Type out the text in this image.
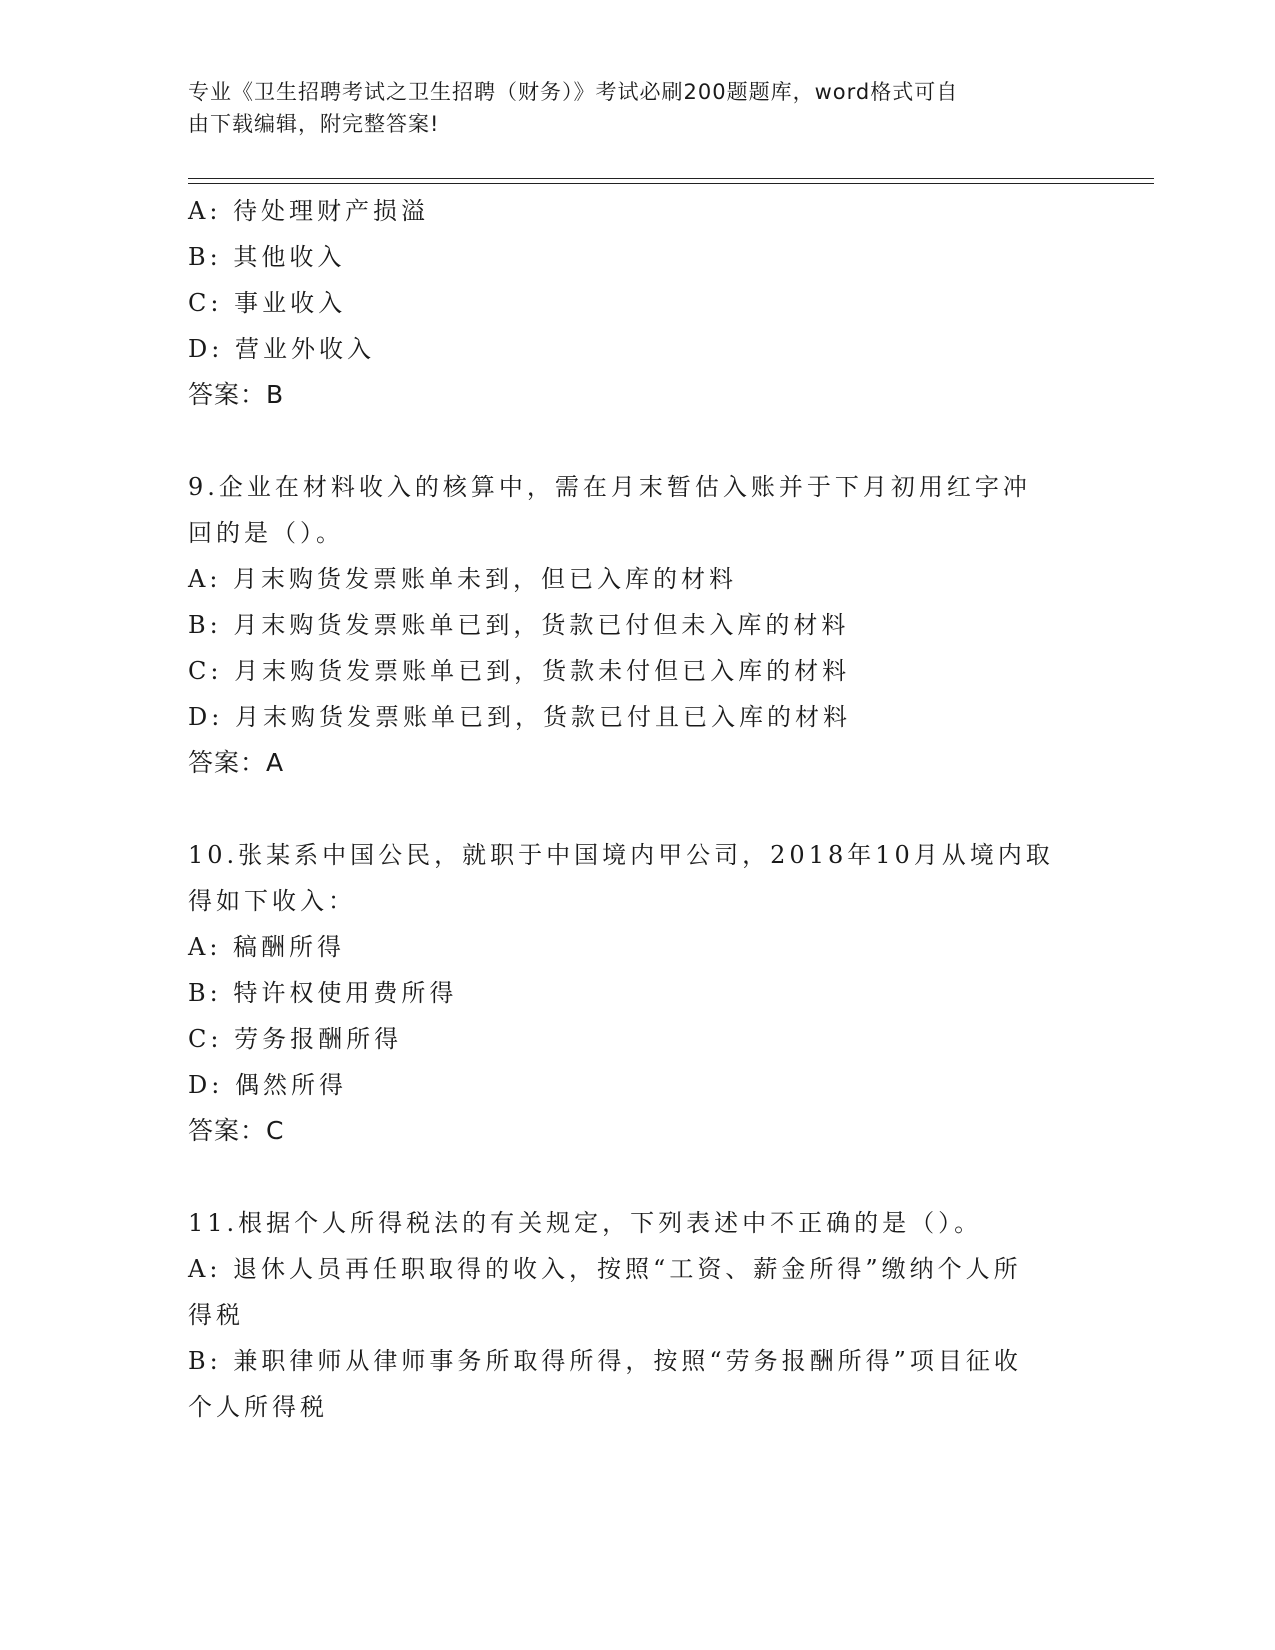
专业《卫生招聘考试之卫生招聘（财务）》考试必刷200题题库，word格式可自
由下载编辑，附完整答案!
A: 待处理财产损溢
B: 其他收入
C: 事业收入
D: 营业外收入
答案：B
9.企业在材料收入的核算中，需在月末暂估入账并于下月初用红字冲
回的是（）。
A: 月末购货发票账单未到，但已入库的材料
B: 月末购货发票账单已到，货款已付但未入库的材料
C: 月末购货发票账单已到，货款未付但已入库的材料
D: 月末购货发票账单已到，货款已付且已入库的材料
答案：A
10.张某系中国公民，就职于中国境内甲公司，2018年10月从境内取
得如下收入：
A: 稿酬所得
B: 特许权使用费所得
C: 劳务报酬所得
D: 偶然所得
答案：C
11.根据个人所得税法的有关规定，下列表述中不正确的是（）。
A: 退休人员再任职取得的收入，按照“工资、薪金所得”缴纳个人所
得税
B: 兼职律师从律师事务所取得所得，按照“劳务报酬所得”项目征收
个人所得税
